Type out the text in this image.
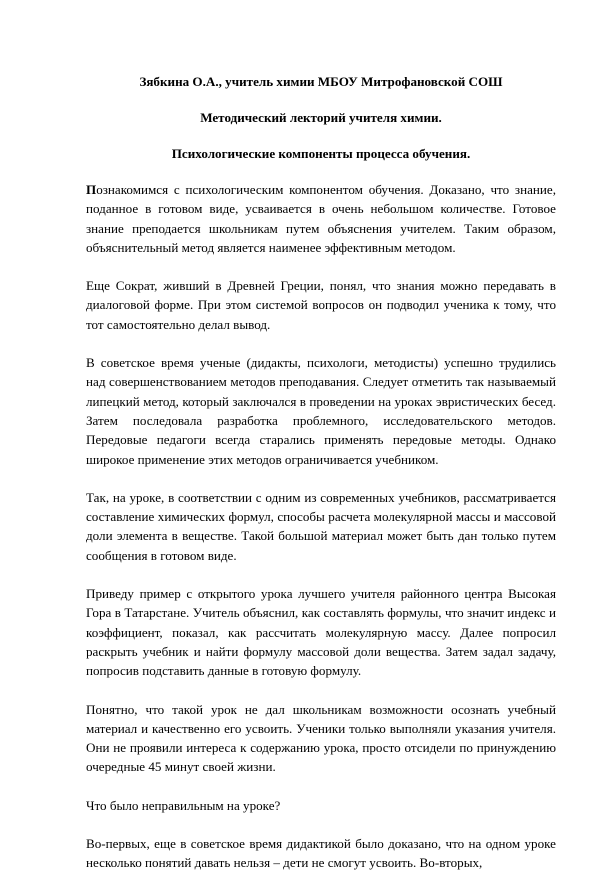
Зябкина О.А., учитель химии МБОУ Митрофановской СОШ

Методический лекторий учителя химии.

Психологические компоненты процесса обучения.

Познакомимся с психологическим компонентом обучения. Доказано, что знание, поданное в готовом виде, усваивается в очень небольшом количестве. Готовое знание преподается школьникам путем объяснения учителем. Таким образом, объяснительный метод является наименее эффективным методом.

Еще Сократ, живший в Древней Греции, понял, что знания можно передавать в диалоговой форме. При этом системой вопросов он подводил ученика к тому, что тот самостоятельно делал вывод.

В советское время ученые (дидакты, психологи, методисты) успешно трудились над совершенствованием методов преподавания. Следует отметить так называемый липецкий метод, который заключался в проведении на уроках эвристических бесед. Затем последовала разработка проблемного, исследовательского методов. Передовые педагоги всегда старались применять передовые методы. Однако широкое применение этих методов ограничивается учебником.

Так, на уроке, в соответствии с одним из современных учебников, рассматривается составление химических формул, способы расчета молекулярной массы и массовой доли элемента в веществе. Такой большой материал может быть дан только путем сообщения в готовом виде.

Приведу пример с открытого урока лучшего учителя районного центра Высокая Гора в Татарстане. Учитель объяснил, как составлять формулы, что значит индекс и коэффициент, показал, как рассчитать молекулярную массу. Далее попросил раскрыть учебник и найти формулу массовой доли вещества. Затем задал задачу, попросив подставить данные в готовую формулу.

Понятно, что такой урок не дал школьникам возможности осознать учебный материал и качественно его усвоить. Ученики только выполняли указания учителя. Они не проявили интереса к содержанию урока, просто отсидели по принуждению очередные 45 минут своей жизни.

Что было неправильным на уроке?

Во-первых, еще в советское время дидактикой было доказано, что на одном уроке несколько понятий давать нельзя – дети не смогут усвоить. Во-вторых,
